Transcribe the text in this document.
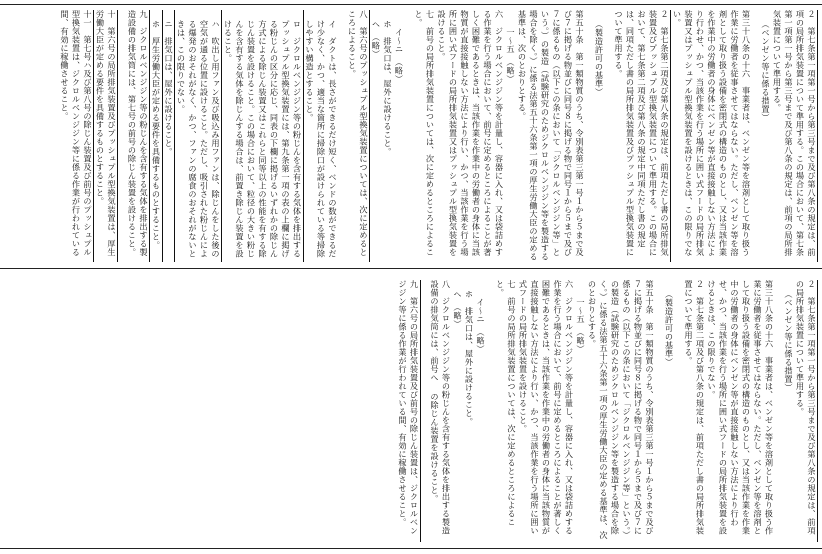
２　第七条第一項第一号から第三号まで及び第八条の規定は、前項の局所排気装置について準用する。この場合において、第七条第一項第一号から第三号まで及び第八条の規定は、前項の局所排気装置について準用する。
（ベンゼン等に係る措置）
第三十八条の十六　事業者は、ベンゼン等を溶剤として取り扱う作業に労働者を従事させてはならない。ただし、ベンゼン等を溶剤として取り扱う設備を密閉式の構造のものとし、又は当該作業を作業中の労働者の身体にベンゼン等が直接接触しない方法により行わせ、かつ、当該作業を行う場所に囲い式フードの局所排気装置又はプッシュプル型換気装置を設けるときは、この限りでない。
２　第七条第二項及び第八条の規定は、前項ただし書の局所排気装置及びプッシュプル型換気装置について準用する。この場合において、第七条第二項及び第八条の規定中同項ただし書の規定は、同項ただし書の局所排気装置及びプッシュプル型換気装置について準用する。
（製造許可の基準）
第五十条　第一類物質のうち、令別表第三第一号１から５まで及び７に掲げる物並びに同号８に掲げる物で同号１から５まで及び７に係るもの（以下この条において「ジクロルベンジジン等」という。）の製造（試験研究のためジクロルベンジジン等を製造する場合を除く。）に係る法第五十六条第一項の厚生労働大臣の定める基準は、次のとおりとする。
一〜五　（略）
六　ジクロルベンジジン等を計量し、容器に入れ、又は袋詰めする作業を行う場合において、前号に定めるところによることが著しく困難であるときは、当該作業を作業中の労働者の身体に当該物質が直接接触しない方法により行い、かつ、当該作業を行う場所に囲い式フードの局所排気装置又はプッシュプル型換気装置を設けること。
七　前号の局所排気装置については、次に定めるところによること。
イ〜ニ　（略）
ホ　排気口は、屋外に設けること。
ヘ　（略）
八　第六号のプッシュプル型換気装置については、次に定めるところによること。
イ　ダクトは、長さができるだけ短く、ベンドの数ができるだけ少なく、かつ、適当な箇所に掃除口が設けられている等掃除しやすい構造とすること。
ロ　ジクロルベンジジン等の粉じんを含有する気体を排出するプッシュプル型換気装置には、第九条第一項の表の上欄に掲げる粉じんの区分に応じ、同表の下欄に掲げるいずれかの除じん方式による除じん装置又はこれらと同等以上の性能を有する除じん装置を設けること。この場合において、粒径の大きい粉じんを含有する気体を除じんする場合は、前置き除じん装置を設けること。
ハ　吹出し用ファン及び吸込み用ファンは、除じんをした後の空気が通る位置に設けること。ただし、吸引された粉じんによる爆発のおそれがなく、かつ、ファンの腐食のおそれがないときは、この限りでない。
ニ　排気口は、屋外に設けること。
ホ　厚生労働大臣が定める要件を具備するものとすること。
九　ジクロルベンジジン等の粉じんを含有する気体を排出する製造設備の排気筒には、第七号の前号の除じん装置を設けること。
十　第六号の局所排気装置及びプッシュプル型換気装置は、厚生労働大臣が定める要件を具備するものとすること。
十一　第七号ハ及び第八号の除じん装置及び前号のプッシュプル型換気装置は、ジクロルベンジジン等に係る作業が行われている間、有効に稼働させること。
２　第七条第一項第一号から第三号まで及び第八条の規定は、前項の局所排気装置について準用する。
（ベンゼン等に係る措置）
第三十八条の十六　事業者は、ベンゼン等を溶剤として取り扱う作業に労働者を従事させてはならない。ただし、ベンゼン等を溶剤として取り扱う設備を密閉式の構造のものとし、又は当該作業を作業中の労働者の身体にベンゼン等が直接接触しない方法により行わせ、かつ、当該作業を行う場所に囲い式フードの局所排気装置を設けるときは、この限りでない。
２　第七条第二項及び第八条の規定は、前項ただし書の局所排気装置について準用する。
（製造許可の基準）
第五十条　第一類物質のうち、令別表第三第一号１から５まで及び７に掲げる物並びに同号８に掲げる物で同号１から５まで及び７に係るもの（以下この条において「ジクロルベンジジン等」という。）の製造（試験研究のためジクロルベンジジン等を製造する場合を除く。）に係る法第五十六条第一項の厚生労働大臣の定める基準は、次のとおりとする。
一〜五　（略）
六　ジクロルベンジジン等を計量し、容器に入れ、又は袋詰めする作業を行う場合において、前号に定めるところによることが著しく困難であるときは、当該作業を作業中の労働者の身体に当該物質が直接接触しない方法により行い、かつ、当該作業を行う場所に囲い式フードの局所排気装置を設けること。
七　前号の局所排気装置については、次に定めるところによること。
イ〜ニ　（略）
ホ　排気口は、屋外に設けること。
ヘ　（略）
八　ジクロルベンジジン等の粉じんを含有する気体を排出する製造設備の排気筒には、前号へ の除じん装置を設けること。
九　第六号の局所排気装置及び前号の除じん装置は、ジクロルベンジジン等に係る作業が行われている間、有効に稼働させること。
